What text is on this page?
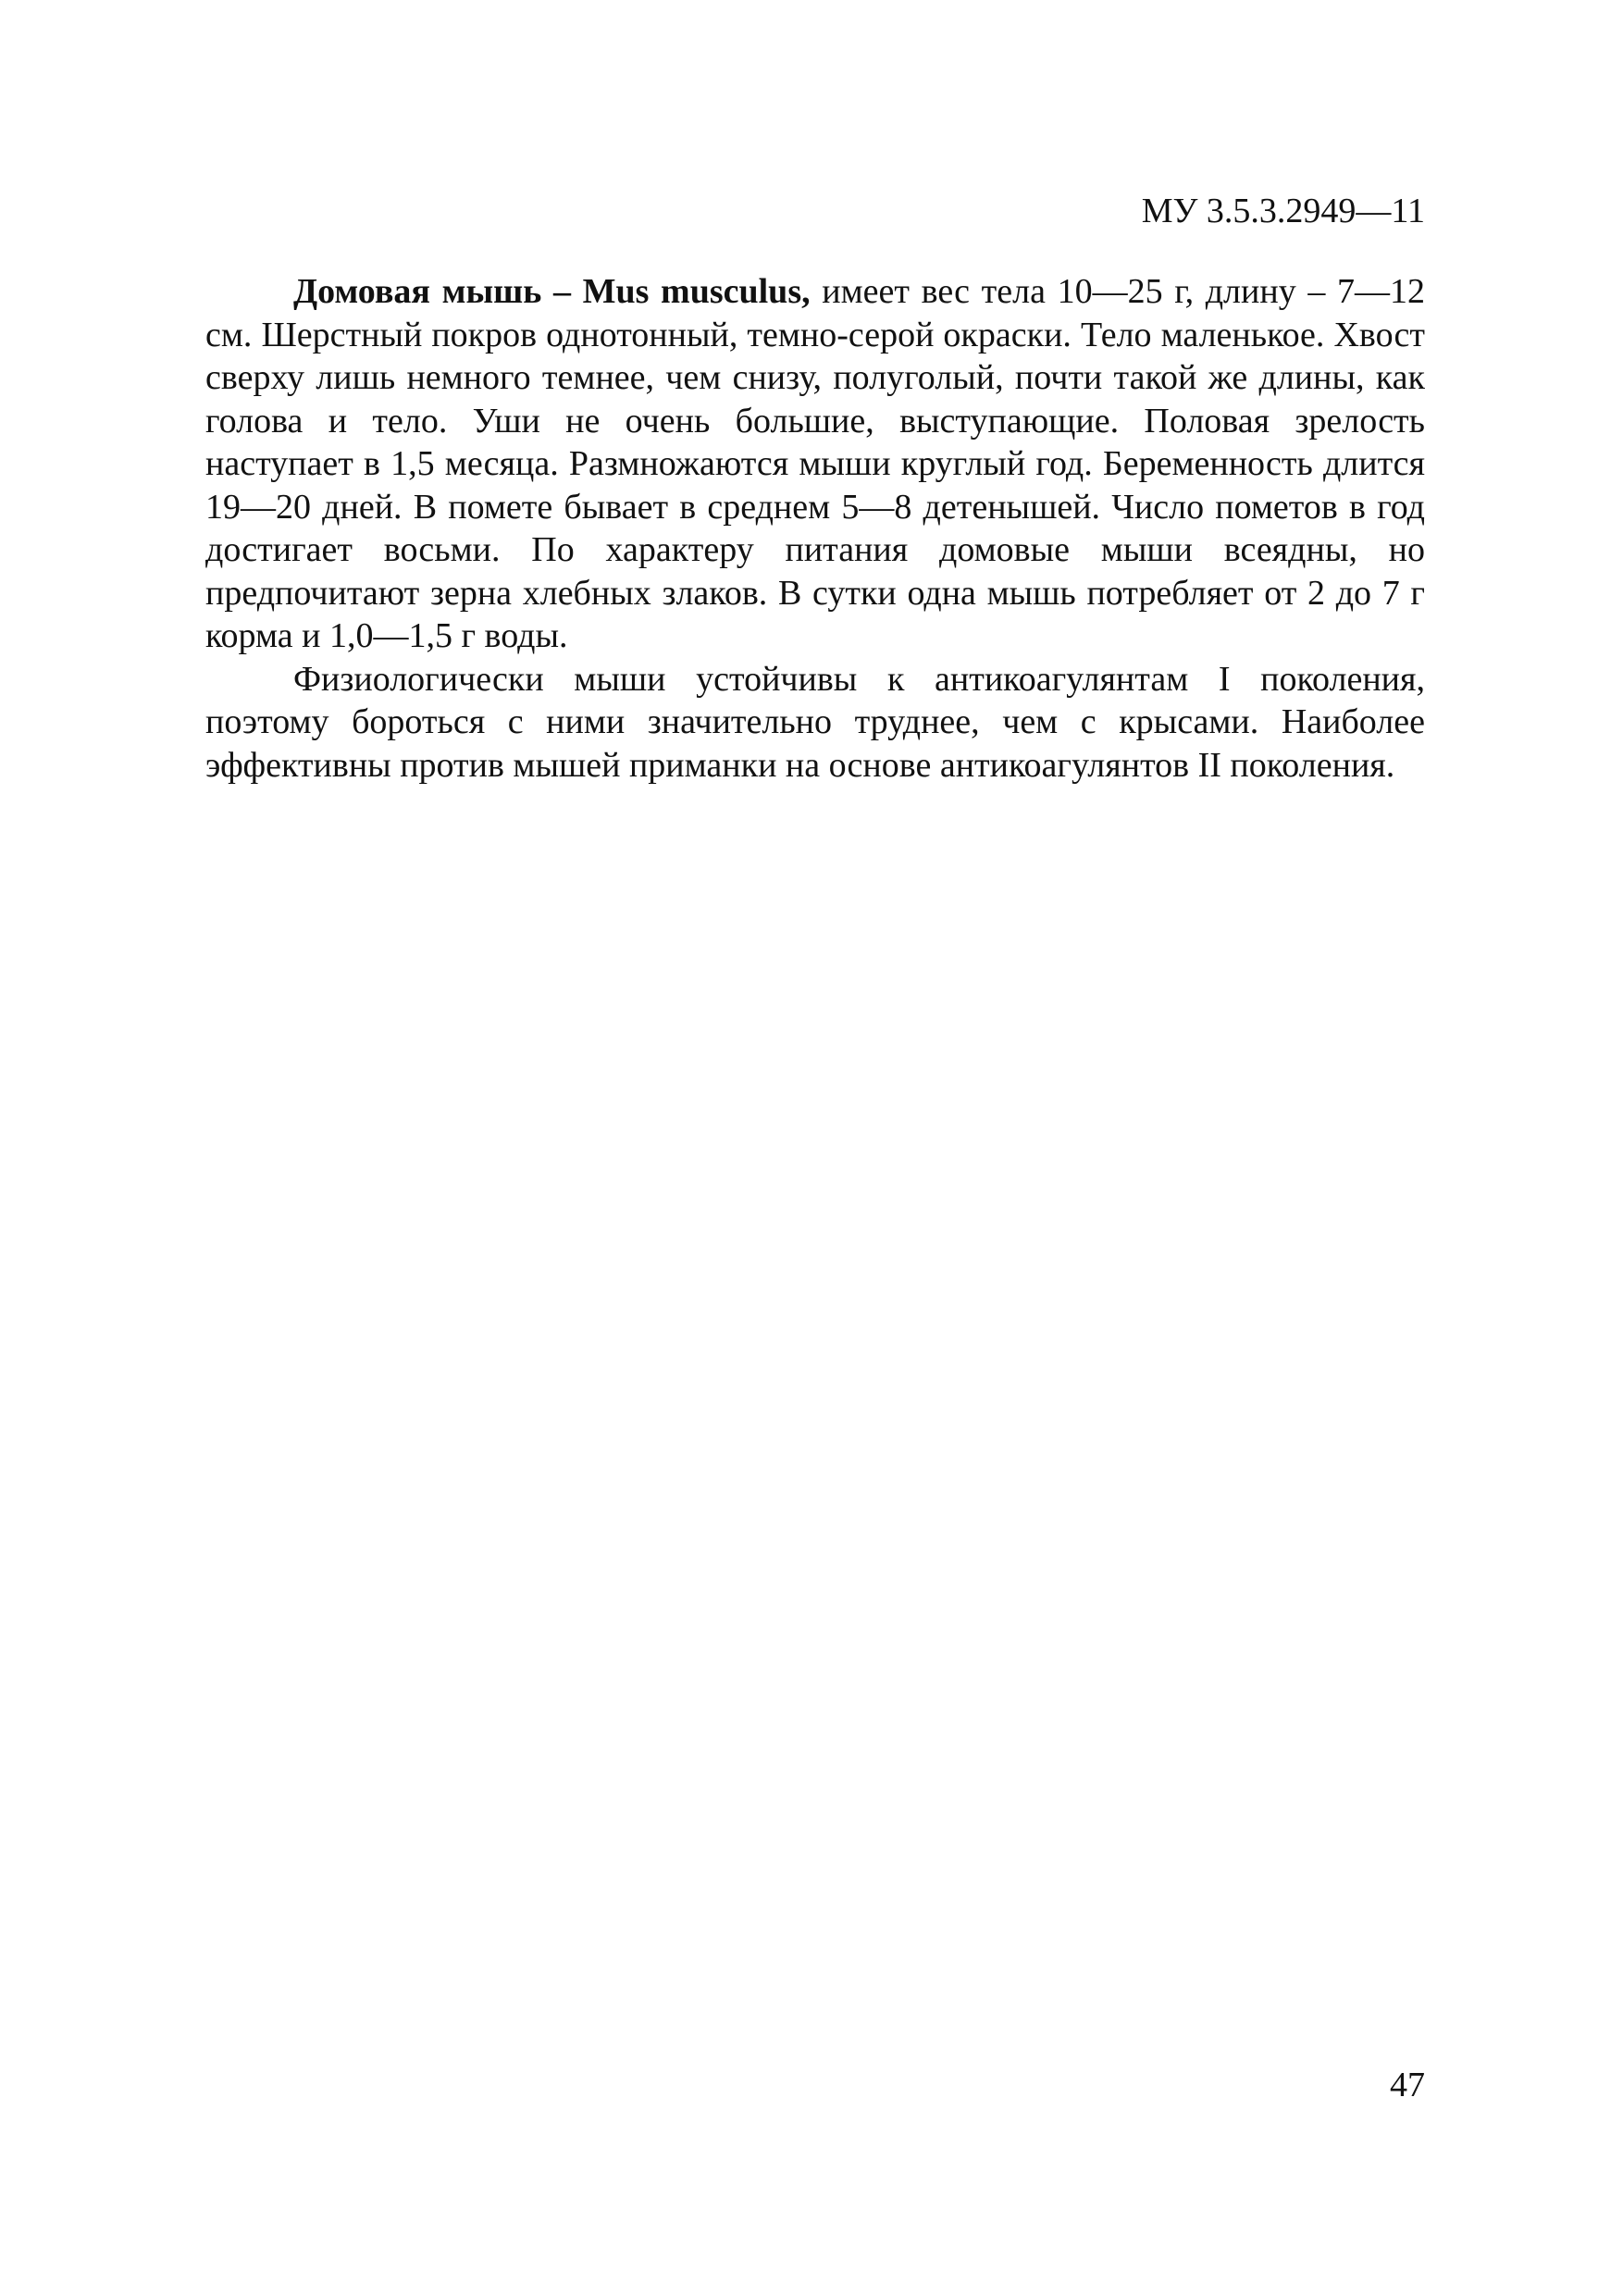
МУ 3.5.3.2949—11

Домовая мышь – Mus musculus, имеет вес тела 10—25 г, длину – 7—12 см. Шерстный покров однотонный, темно-серой окраски. Тело маленькое. Хвост сверху лишь немного темнее, чем снизу, полуголый, почти такой же длины, как голова и тело. Уши не очень большие, выступающие. Половая зрелость наступает в 1,5 месяца. Размножаются мыши круглый год. Беременность длится 19—20 дней. В помете бывает в среднем 5—8 детенышей. Число пометов в год достигает восьми. По характеру питания домовые мыши всеядны, но предпочитают зерна хлебных злаков. В сутки одна мышь потребляет от 2 до 7 г корма и 1,0—1,5 г воды.

Физиологически мыши устойчивы к антикоагулянтам I поколения, поэтому бороться с ними значительно труднее, чем с крысами. Наиболее эффективны против мышей приманки на основе антикоагулянтов II поколения.

47
